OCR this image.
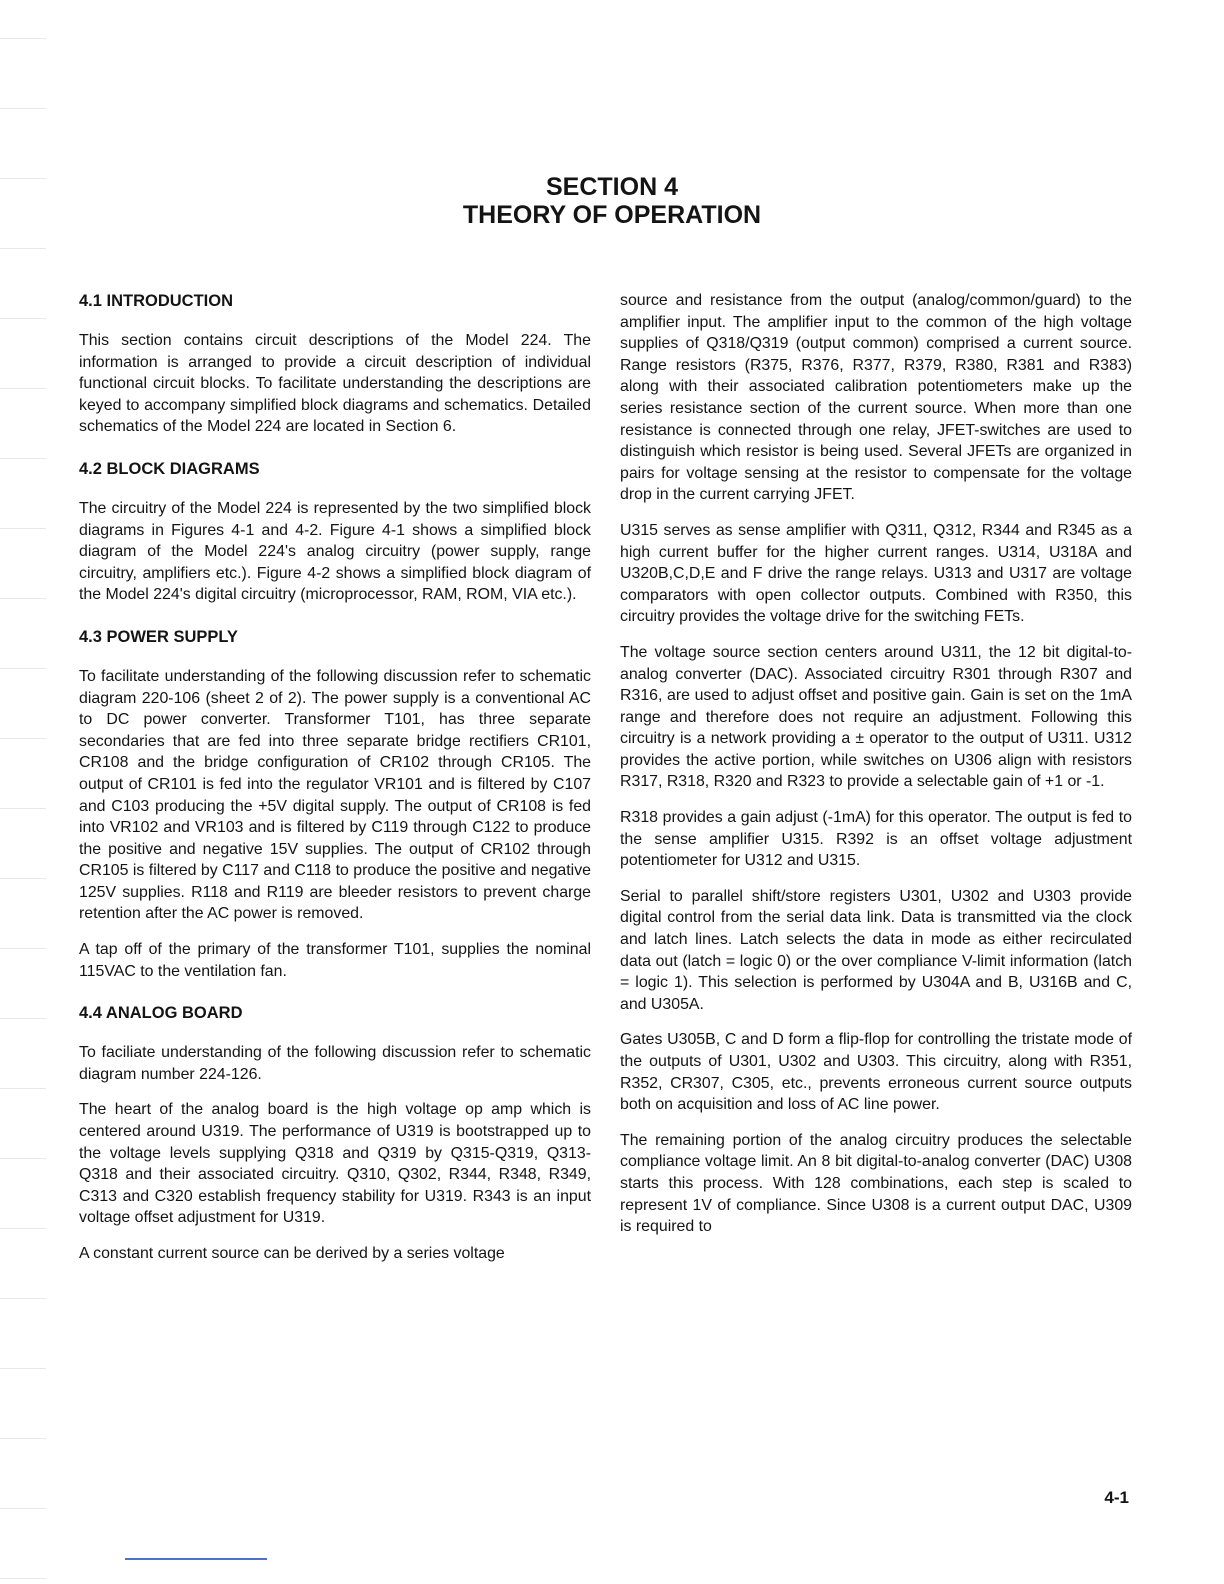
SECTION 4
THEORY OF OPERATION
4.1 INTRODUCTION

This section contains circuit descriptions of the Model 224. The information is arranged to provide a circuit description of individual functional circuit blocks. To facilitate understanding the descriptions are keyed to accompany simplified block diagrams and schematics. Detailed schematics of the Model 224 are located in Section 6.

4.2 BLOCK DIAGRAMS

The circuitry of the Model 224 is represented by the two simplified block diagrams in Figures 4-1 and 4-2. Figure 4-1 shows a simplified block diagram of the Model 224's analog circuitry (power supply, range circuitry, amplifiers etc.). Figure 4-2 shows a simplified block diagram of the Model 224's digital circuitry (microprocessor, RAM, ROM, VIA etc.).

4.3 POWER SUPPLY

To facilitate understanding of the following discussion refer to schematic diagram 220-106 (sheet 2 of 2). The power supply is a conventional AC to DC power converter. Transformer T101, has three separate secondaries that are fed into three separate bridge rectifiers CR101, CR108 and the bridge configuration of CR102 through CR105. The output of CR101 is fed into the regulator VR101 and is filtered by C107 and C103 producing the +5V digital supply. The output of CR108 is fed into VR102 and VR103 and is filtered by C119 through C122 to produce the positive and negative 15V supplies. The output of CR102 through CR105 is filtered by C117 and C118 to produce the positive and negative 125V supplies. R118 and R119 are bleeder resistors to prevent charge retention after the AC power is removed.

A tap off of the primary of the transformer T101, supplies the nominal 115VAC to the ventilation fan.

4.4 ANALOG BOARD

To faciliate understanding of the following discussion refer to schematic diagram number 224-126.

The heart of the analog board is the high voltage op amp which is centered around U319. The performance of U319 is bootstrapped up to the voltage levels supplying Q318 and Q319 by Q315-Q319, Q313-Q318 and their associated circuitry. Q310, Q302, R344, R348, R349, C313 and C320 establish frequency stability for U319. R343 is an input voltage offset adjustment for U319.

A constant current source can be derived by a series voltage

source and resistance from the output (analog/common/guard) to the amplifier input. The amplifier input to the common of the high voltage supplies of Q318/Q319 (output common) comprised a current source. Range resistors (R375, R376, R377, R379, R380, R381 and R383) along with their associated calibration potentiometers make up the series resistance section of the current source. When more than one resistance is connected through one relay, JFET-switches are used to distinguish which resistor is being used. Several JFETs are organized in pairs for voltage sensing at the resistor to compensate for the voltage drop in the current carrying JFET.

U315 serves as sense amplifier with Q311, Q312, R344 and R345 as a high current buffer for the higher current ranges. U314, U318A and U320B,C,D,E and F drive the range relays. U313 and U317 are voltage comparators with open collector outputs. Combined with R350, this circuitry provides the voltage drive for the switching FETs.

The voltage source section centers around U311, the 12 bit digital-to-analog converter (DAC). Associated circuitry R301 through R307 and R316, are used to adjust offset and positive gain. Gain is set on the 1mA range and therefore does not require an adjustment. Following this circuitry is a network providing a ± operator to the output of U311. U312 provides the active portion, while switches on U306 align with resistors R317, R318, R320 and R323 to provide a selectable gain of +1 or -1.

R318 provides a gain adjust (-1mA) for this operator. The output is fed to the sense amplifier U315. R392 is an offset voltage adjustment potentiometer for U312 and U315.

Serial to parallel shift/store registers U301, U302 and U303 provide digital control from the serial data link. Data is transmitted via the clock and latch lines. Latch selects the data in mode as either recirculated data out (latch = logic 0) or the over compliance V-limit information (latch = logic 1). This selection is performed by U304A and B, U316B and C, and U305A.

Gates U305B, C and D form a flip-flop for controlling the tristate mode of the outputs of U301, U302 and U303. This circuitry, along with R351, R352, CR307, C305, etc., prevents erroneous current source outputs both on acquisition and loss of AC line power.

The remaining portion of the analog circuitry produces the selectable compliance voltage limit. An 8 bit digital-to-analog converter (DAC) U308 starts this process. With 128 combinations, each step is scaled to represent 1V of compliance. Since U308 is a current output DAC, U309 is required to

4-1
